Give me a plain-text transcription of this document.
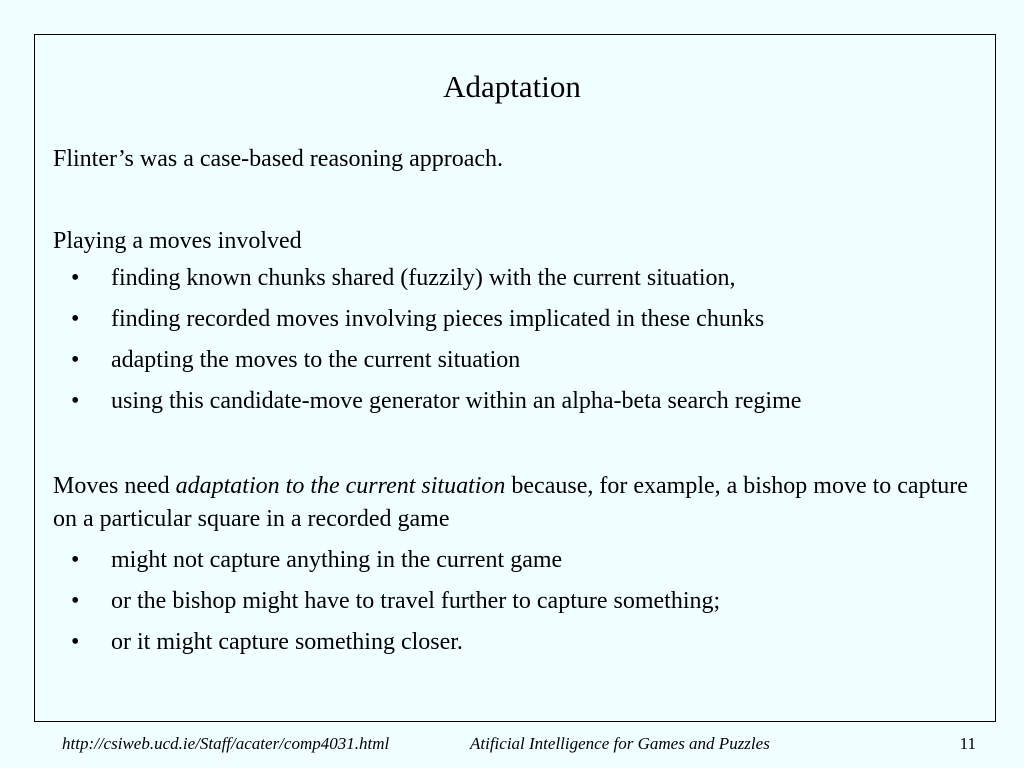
Adaptation

Flinter’s was a case-based reasoning approach.

Playing a moves involved

• finding known chunks shared (fuzzily) with the current situation,
• finding recorded moves involving pieces implicated in these chunks
• adapting the moves to the current situation
• using this candidate-move generator within an alpha-beta search regime

Moves need adaptation to the current situation because, for example, a bishop move to capture on a particular square in a recorded game

• might not capture anything in the current game
• or the bishop might have to travel further to capture something;
• or it might capture something closer.
http://csiweb.ucd.ie/Staff/acater/comp4031.html	Atificial Intelligence for Games and Puzzles	11
